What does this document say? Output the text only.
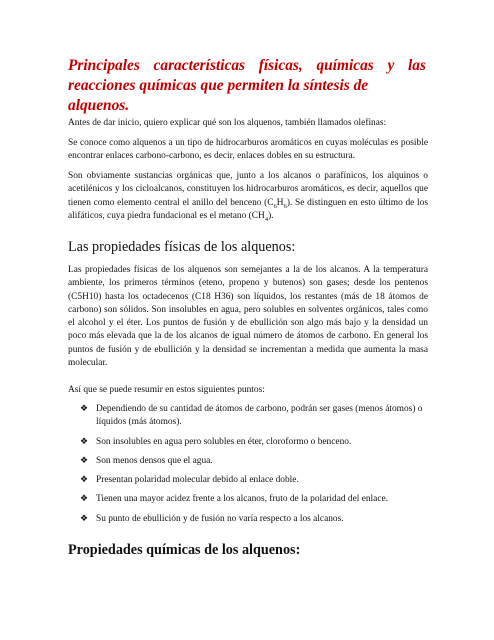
Principales características físicas, químicas y las
reacciones químicas que permiten la síntesis de alquenos.

Antes de dar inicio, quiero explicar qué son los alquenos, también llamados olefinas:

Se conoce como alquenos a un tipo de hidrocarburos aromáticos en cuyas moléculas es posible encontrar enlaces carbono-carbono, es decir, enlaces dobles en su estructura.

Son obviamente sustancias orgánicas que, junto a los alcanos o parafínicos, los alquinos o acetilénicos y los cicloalcanos, constituyen los hidrocarburos aromáticos, es decir, aquellos que tienen como elemento central el anillo del benceno $(C_6H_6)$. Se distinguen en esto último de los alifáticos, cuya piedra fundacional es el metano $(CH_4)$.

Las propiedades físicas de los alquenos:

Las propiedades físicas de los alquenos son semejantes a la de los alcanos. A la temperatura ambiente, los primeros términos (eteno, propeno y butenos) son gases; desde los pentenos (C5H10) hasta los octadecenos (C18 H36) son líquidos, los restantes (más de 18 átomos de carbono) son sólidos. Son insolubles en agua, pero solubles en solventes orgánicos, tales como el alcohol y el éter. Los puntos de fusión y de ebullición son algo más bajo y la densidad un poco más elevada que la de los alcanos de igual número de átomos de carbono. En general los puntos de fusión y de ebullición y la densidad se incrementan a medida que aumenta la masa molecular.

Así que se puede resumir en estos siguientes puntos:

❖ Dependiendo de su cantidad de átomos de carbono, podrán ser gases (menos átomos) o líquidos (más átomos).
❖ Son insolubles en agua pero solubles en éter, cloroformo o benceno.
❖ Son menos densos que el agua.
❖ Presentan polaridad molecular debido al enlace doble.
❖ Tienen una mayor acidez frente a los alcanos, fruto de la polaridad del enlace.
❖ Su punto de ebullición y de fusión no varía respecto a los alcanos.
Propiedades químicas de los alquenos:
